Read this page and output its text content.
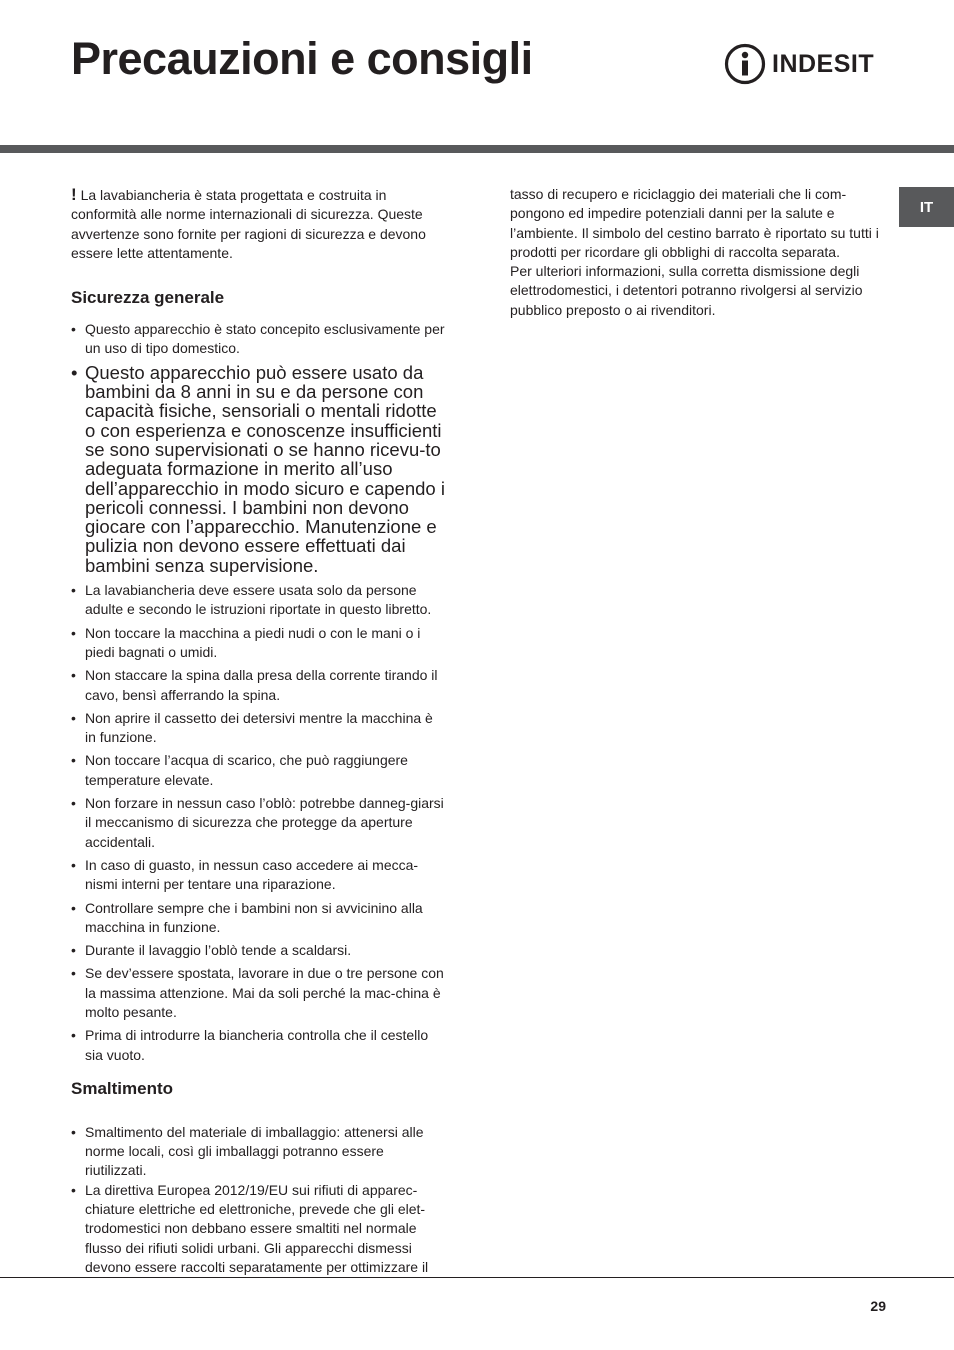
Precauzioni e consigli	INDESIT
IT

! La lavabiancheria è stata progettata e costruita in conformità alle norme internazionali di sicurezza. Queste avvertenze sono fornite per ragioni di sicurezza e devono essere lette attentamente.

Sicurezza generale
• Questo apparecchio è stato concepito esclusivamente per un uso di tipo domestico.
• Questo apparecchio può essere usato da bambini da 8 anni in su e da persone con capacità fisiche, sensoriali o mentali ridotte o con esperienza e conoscenze insufficienti se sono supervisionati o se hanno ricevu-to adeguata formazione in merito all’uso dell’apparecchio in modo sicuro e capendo i pericoli connessi. I bambini non devono giocare con l’apparecchio. Manutenzione e pulizia non devono essere effettuati dai bambini senza supervisione.
• La lavabiancheria deve essere usata solo da persone adulte e secondo le istruzioni riportate in questo libretto.
• Non toccare la macchina a piedi nudi o con le mani o i piedi bagnati o umidi.
• Non staccare la spina dalla presa della corrente tirando il cavo, bensì afferrando la spina.
• Non aprire il cassetto dei detersivi mentre la macchina è in funzione.
• Non toccare l’acqua di scarico, che può raggiungere temperature elevate.
• Non forzare in nessun caso l’oblò: potrebbe danneg-giarsi il meccanismo di sicurezza che protegge da aperture accidentali.
• In caso di guasto, in nessun caso accedere ai mecca-nismi interni per tentare una riparazione.
• Controllare sempre che i bambini non si avvicinino alla macchina in funzione.
• Durante il lavaggio l’oblò tende a scaldarsi.
• Se dev’essere spostata, lavorare in due o tre persone con la massima attenzione. Mai da soli perché la mac-china è molto pesante.
• Prima di introdurre la biancheria controlla che il cestello sia vuoto.
Smaltimento
• Smaltimento del materiale di imballaggio: attenersi alle norme locali, così gli imballaggi potranno essere riutilizzati.
• La direttiva Europea 2012/19/EU sui rifiuti di apparec-chiature elettriche ed elettroniche, prevede che gli elet-trodomestici non debbano essere smaltiti nel normale flusso dei rifiuti solidi urbani. Gli apparecchi dismessi devono essere raccolti separatamente per ottimizzare il

tasso di recupero e riciclaggio dei materiali che li com-pongono ed impedire potenziali danni per la salute e l’ambiente. Il simbolo del cestino barrato è riportato su tutti i prodotti per ricordare gli obblighi di raccolta separata.

Per ulteriori informazioni, sulla corretta dismissione degli elettrodomestici, i detentori potranno rivolgersi al servizio pubblico preposto o ai rivenditori.

29
